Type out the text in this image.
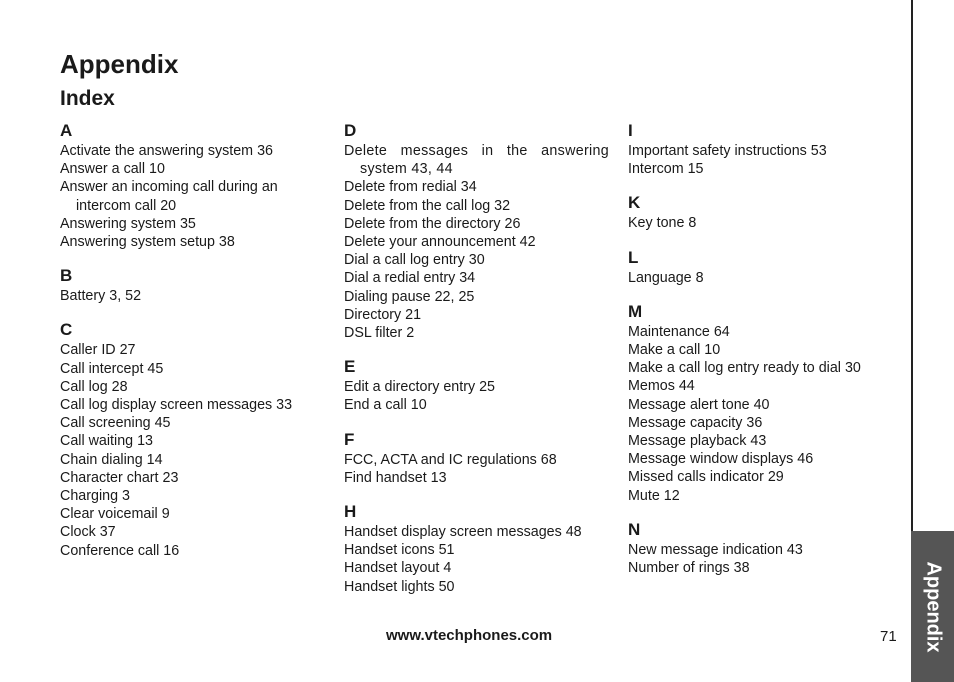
Appendix
Appendix
Index
A
Activate the answering system 36
Answer a call 10
Answer an incoming call during an intercom call 20
Answering system 35
Answering system setup 38
B
Battery 3, 52
C
Caller ID 27
Call intercept 45
Call log 28
Call log display screen messages 33
Call screening 45
Call waiting 13
Chain dialing 14
Character chart 23
Charging 3
Clear voicemail 9
Clock 37
Conference call 16
D
Delete messages in the answering system 43, 44
Delete from redial 34
Delete from the call log 32
Delete from the directory 26
Delete your announcement 42
Dial a call log entry 30
Dial a redial entry 34
Dialing pause 22, 25
Directory 21
DSL filter 2
E
Edit a directory entry 25
End a call 10
F
FCC, ACTA and IC regulations 68
Find handset 13
H
Handset display screen messages 48
Handset icons 51
Handset layout 4
Handset lights 50
I
Important safety instructions 53
Intercom 15
K
Key tone 8
L
Language 8
M
Maintenance 64
Make a call 10
Make a call log entry ready to dial 30
Memos 44
Message alert tone 40
Message capacity 36
Message playback 43
Message window displays 46
Missed calls indicator 29
Mute 12
N
New message indication 43
Number of rings 38
www.vtechphones.com	71
